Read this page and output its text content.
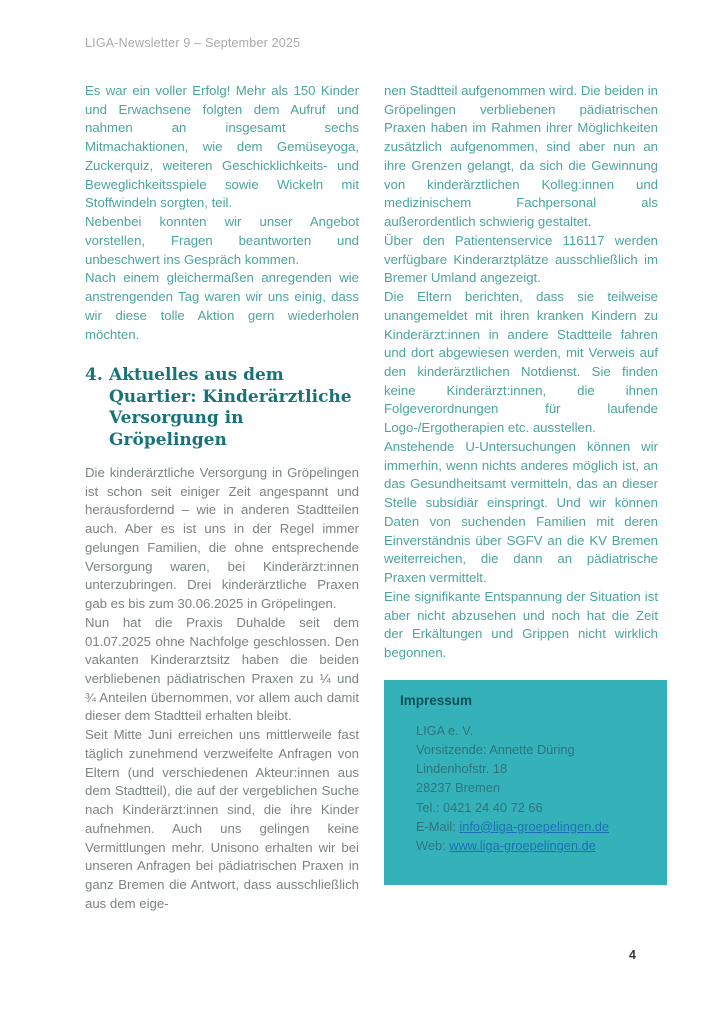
LIGA-Newsletter 9 – September 2025

Es war ein voller Erfolg! Mehr als 150 Kinder und Erwachsene folgten dem Aufruf und nahmen an insgesamt sechs Mitmachaktionen, wie dem Gemüseyoga, Zuckerquiz, weiteren Geschicklichkeits- und Beweglichkeitsspiele sowie Wickeln mit Stoffwindeln sorgten, teil.

Nebenbei konnten wir unser Angebot vorstellen, Fragen beantworten und unbeschwert ins Gespräch kommen.

Nach einem gleichermaßen anregenden wie anstrengenden Tag waren wir uns einig, dass wir diese tolle Aktion gern wiederholen möchten.

4. Aktuelles aus dem Quartier: Kinderärztliche Versorgung in Gröpelingen

Die kinderärztliche Versorgung in Gröpelingen ist schon seit einiger Zeit angespannt und herausfordernd – wie in anderen Stadtteilen auch. Aber es ist uns in der Regel immer gelungen Familien, die ohne entsprechende Versorgung waren, bei Kinderärzt:innen unterzubringen. Drei kinderärztliche Praxen gab es bis zum 30.06.2025 in Gröpelingen.

Nun hat die Praxis Duhalde seit dem 01.07.2025 ohne Nachfolge geschlossen. Den vakanten Kinderarztsitz haben die beiden verbliebenen pädiatrischen Praxen zu ¼ und ¾ Anteilen übernommen, vor allem auch damit dieser dem Stadtteil erhalten bleibt.

Seit Mitte Juni erreichen uns mittlerweile fast täglich zunehmend verzweifelte Anfragen von Eltern (und verschiedenen Akteur:innen aus dem Stadtteil), die auf der vergeblichen Suche nach Kinderärzt:innen sind, die ihre Kinder aufnehmen. Auch uns gelingen keine Vermittlungen mehr. Unisono erhalten wir bei unseren Anfragen bei pädiatrischen Praxen in ganz Bremen die Antwort, dass ausschließlich aus dem eige-

nen Stadtteil aufgenommen wird. Die beiden in Gröpelingen verbliebenen pädiatrischen Praxen haben im Rahmen ihrer Möglichkeiten zusätzlich aufgenommen, sind aber nun an ihre Grenzen gelangt, da sich die Gewinnung von kinderärztlichen Kolleg:innen und medizinischem Fachpersonal als außerordentlich schwierig gestaltet.

Über den Patientenservice 116117 werden verfügbare Kinderarztplätze ausschließlich im Bremer Umland angezeigt.

Die Eltern berichten, dass sie teilweise unangemeldet mit ihren kranken Kindern zu Kinderärzt:innen in andere Stadtteile fahren und dort abgewiesen werden, mit Verweis auf den kinderärztlichen Notdienst. Sie finden keine Kinderärzt:innen, die ihnen Folgeverordnungen für laufende Logo-/Ergotherapien etc. ausstellen.

Anstehende U-Untersuchungen können wir immerhin, wenn nichts anderes möglich ist, an das Gesundheitsamt vermitteln, das an dieser Stelle subsidiär einspringt. Und wir können Daten von suchenden Familien mit deren Einverständnis über SGFV an die KV Bremen weiterreichen, die dann an pädiatrische Praxen vermittelt.

Eine signifikante Entspannung der Situation ist aber nicht abzusehen und noch hat die Zeit der Erkältungen und Grippen nicht wirklich begonnen.

Impressum
LIGA e. V.
Vorsitzende: Annette Düring
Lindenhofstr. 18
28237 Bremen
Tel.: 0421 24 40 72 66
E-Mail: info@liga-groepelingen.de
Web: www.liga-groepelingen.de
4
